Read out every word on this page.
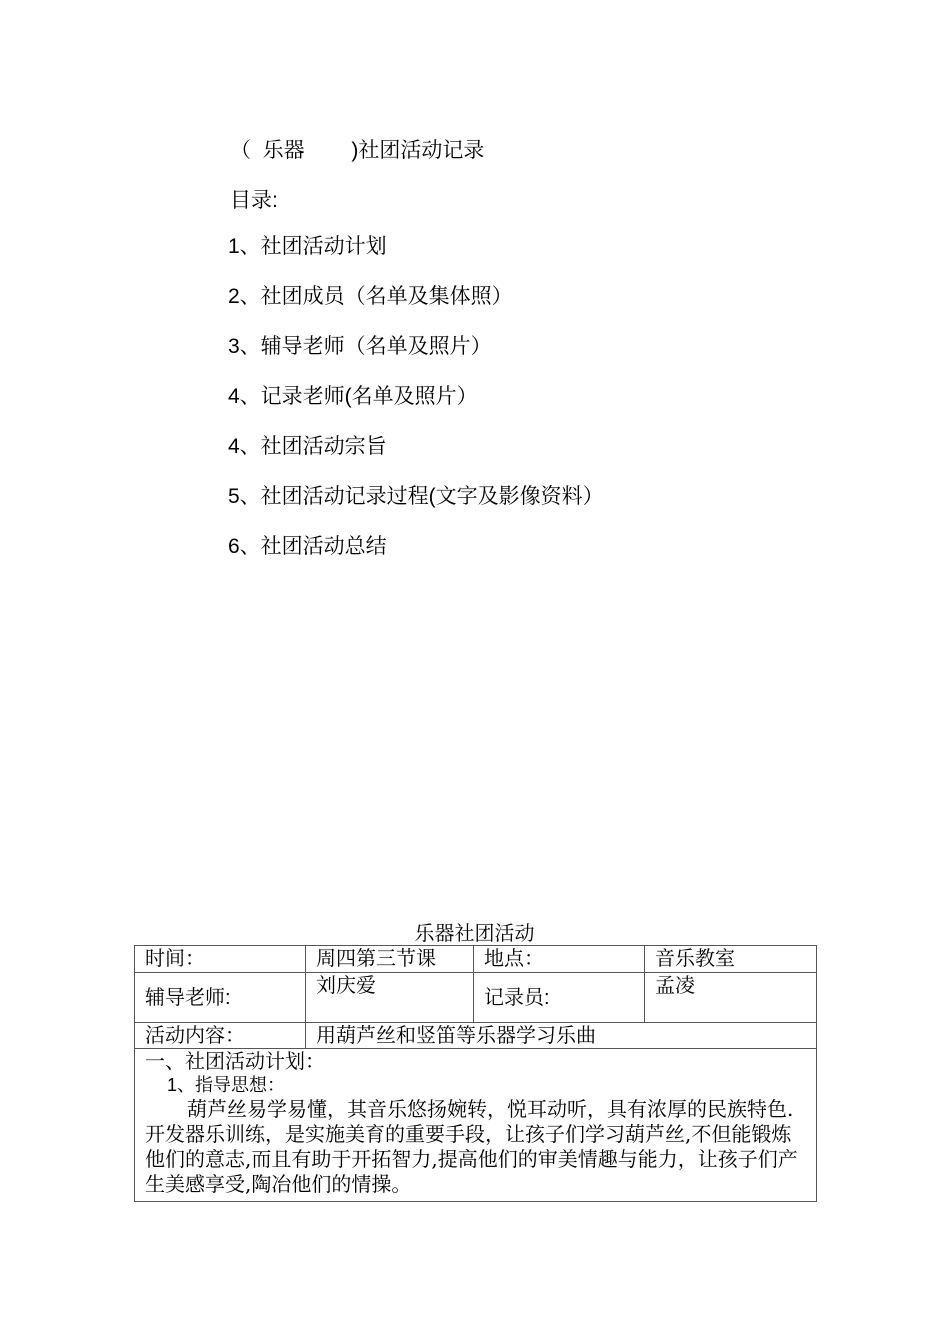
（  乐器        )社团活动记录
目录:
1、社团活动计划
2、社团成员（名单及集体照）
3、辅导老师（名单及照片）
4、记录老师(名单及照片）
4、社团活动宗旨
5、社团活动记录过程(文字及影像资料）
6、社团活动总结
乐器社团活动
时间：	周四第三节课	地点：	音乐教室
辅导老师:	刘庆爱	记录员:	孟凌
活动内容：	用葫芦丝和竖笛等乐器学习乐曲		

一、社团活动计划：
1、指导思想：
葫芦丝易学易懂，其音乐悠扬婉转，悦耳动听，具有浓厚的民族特色.开发器乐训练，是实施美育的重要手段，让孩子们学习葫芦丝,不但能锻炼他们的意志,而且有助于开拓智力,提高他们的审美情趣与能力，让孩子们产生美感享受,陶冶他们的情操。			
